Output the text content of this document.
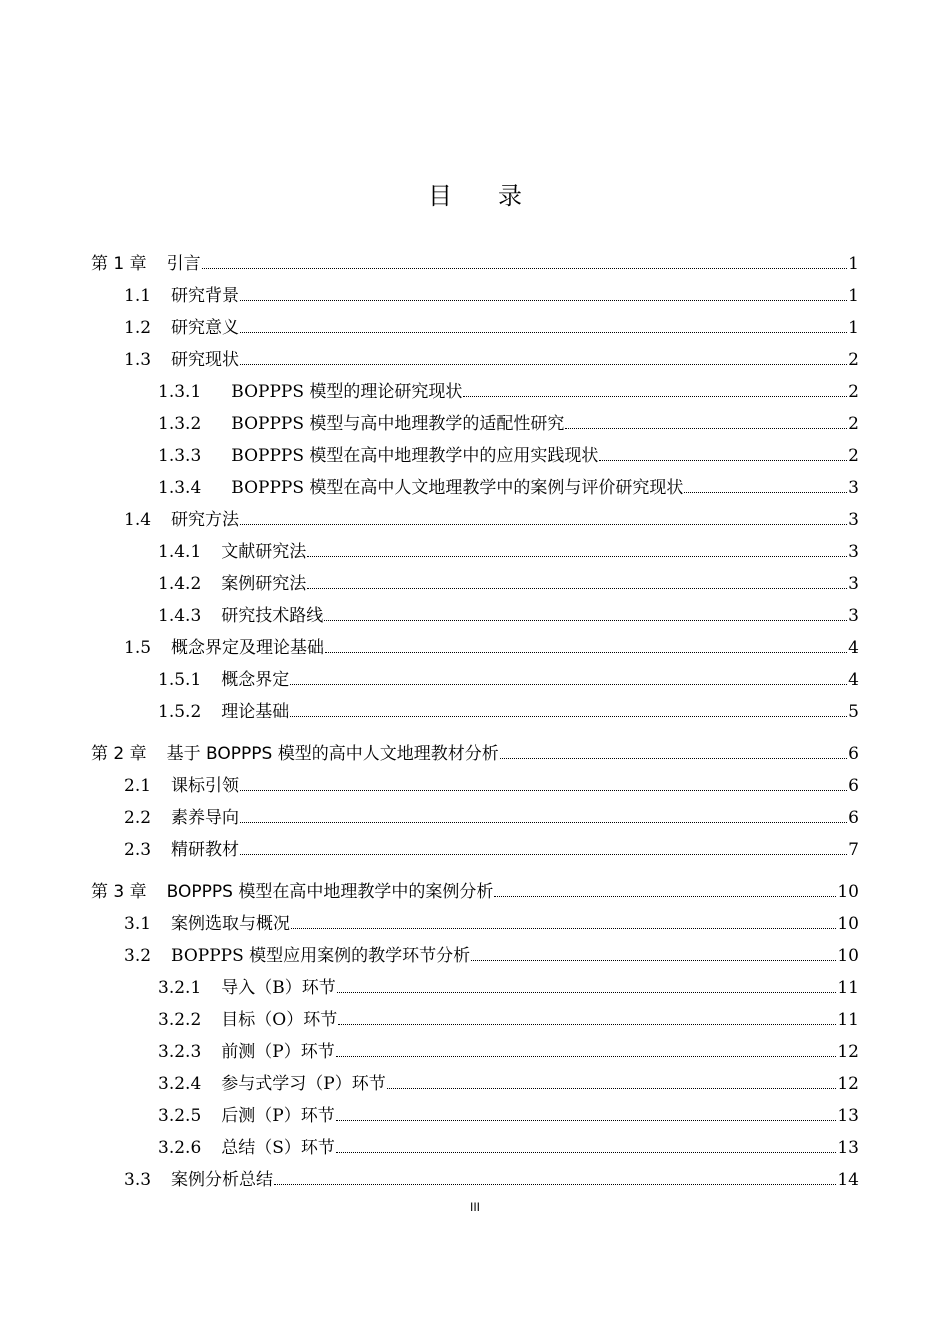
目录
第 1 章 引言	1
1.1 研究背景	1
1.2 研究意义	1
1.3 研究现状	2
1.3.1 BOPPPS 模型的理论研究现状	2
1.3.2 BOPPPS 模型与高中地理教学的适配性研究	2
1.3.3 BOPPPS 模型在高中地理教学中的应用实践现状	2
1.3.4 BOPPPS 模型在高中人文地理教学中的案例与评价研究现状	3
1.4 研究方法	3
1.4.1 文献研究法	3
1.4.2 案例研究法	3
1.4.3 研究技术路线	3
1.5 概念界定及理论基础	4
1.5.1 概念界定	4
1.5.2 理论基础	5
第 2 章 基于 BOPPPS 模型的高中人文地理教材分析	6
2.1 课标引领	6
2.2 素养导向	6
2.3 精研教材	7
第 3 章 BOPPPS 模型在高中地理教学中的案例分析	10
3.1 案例选取与概况	10
3.2 BOPPPS 模型应用案例的教学环节分析	10
3.2.1 导入（B）环节	11
3.2.2 目标（O）环节	11
3.2.3 前测（P）环节	12
3.2.4 参与式学习（P）环节	12
3.2.5 后测（P）环节	13
3.2.6 总结（S）环节	13
3.3 案例分析总结	14
III
